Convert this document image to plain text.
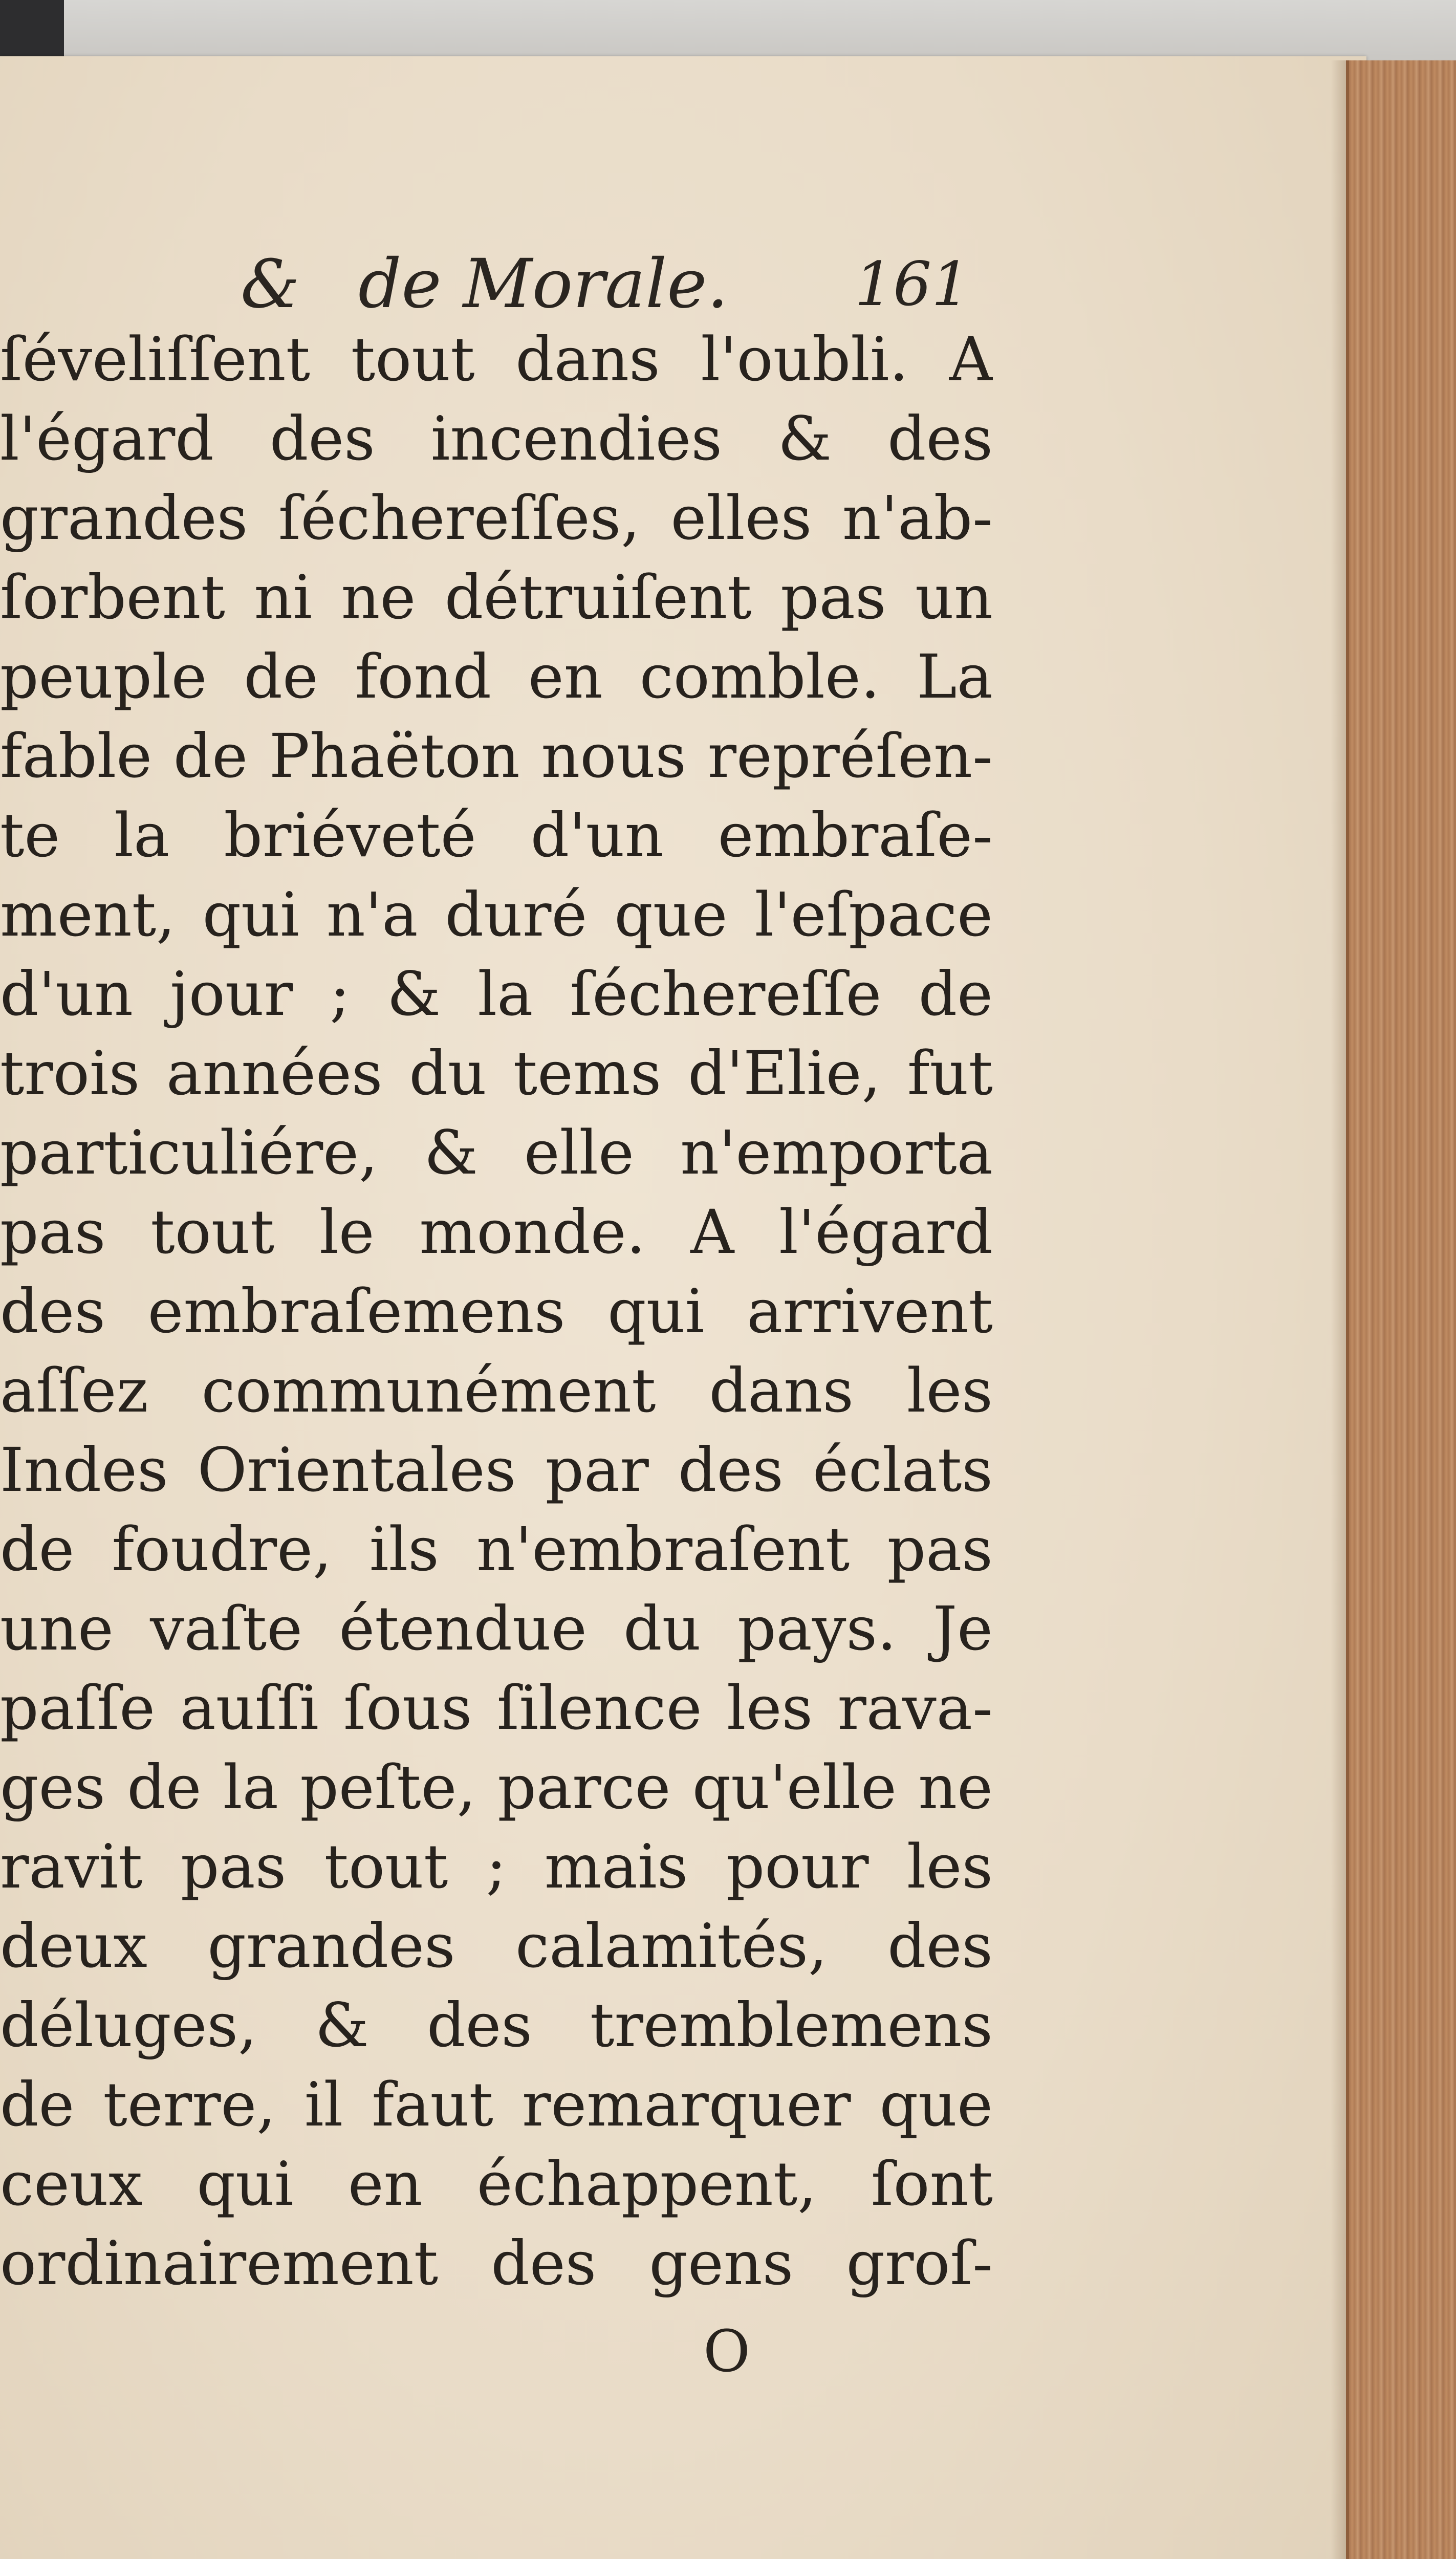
& de Morale. 161
ſéveliſſent tout dans l'oubli. A
l'égard des incendies & des
grandes ſéchereſſes, elles n'ab-
ſorbent ni ne détruiſent pas un
peuple de fond en comble. La
fable de Phaëton nous repréſen-
te la briéveté d'un embraſe-
ment, qui n'a duré que l'eſpace
d'un jour ; & la ſéchereſſe de
trois années du tems d'Elie, fut
particuliére, & elle n'emporta
pas tout le monde. A l'égard
des embraſemens qui arrivent
aſſez communément dans les
Indes Orientales par des éclats
de foudre, ils n'embraſent pas
une vaſte étendue du pays. Je
paſſe auſſi ſous ſilence les rava-
ges de la peſte, parce qu'elle ne
ravit pas tout ; mais pour les
deux grandes calamités, des
déluges, & des tremblemens
de terre, il faut remarquer que
ceux qui en échappent, ſont
ordinairement des gens groſ-
O
